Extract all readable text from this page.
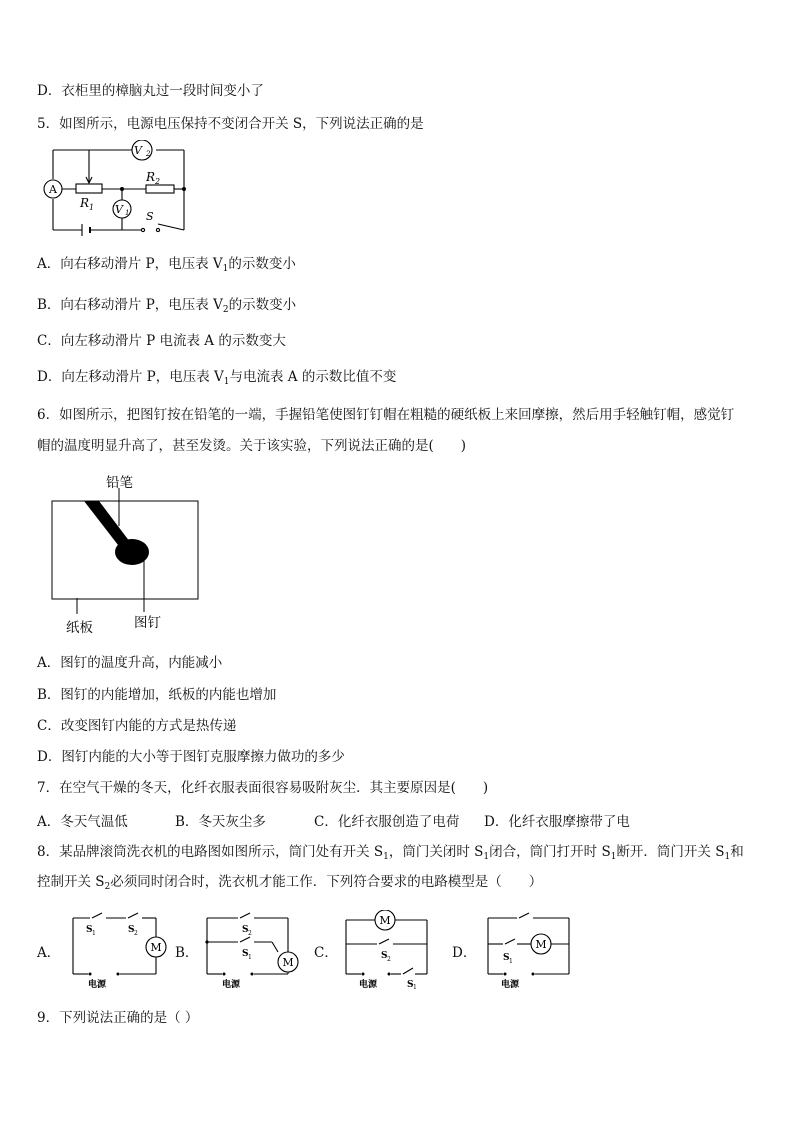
D．衣柜里的樟脑丸过一段时间变小了
5．如图所示，电源电压保持不变闭合开关 S，下列说法正确的是
A
V 2
V 1
R 1
R 2
S
A．向右移动滑片 P，电压表 $V_1$的示数变小
B．向右移动滑片 P，电压表 $V_2$的示数变小
C．向左移动滑片 P 电流表 A 的示数变大
D．向左移动滑片 P，电压表 $V_1$与电流表 A 的示数比值不变
6．如图所示，把图钉按在铅笔的一端，手握铅笔使图钉钉帽在粗糙的硬纸板上来回摩擦，然后用手轻触钉帽，感觉钉
帽的温度明显升高了，甚至发烫。关于该实验，下列说法正确的是(　　)
铅笔
纸板	图钉
A．图钉的温度升高，内能减小
B．图钉的内能增加，纸板的内能也增加
C．改变图钉内能的方式是热传递
D．图钉内能的大小等于图钉克服摩擦力做功的多少
7．在空气干燥的冬天，化纤衣服表面很容易吸附灰尘．其主要原因是(　　)
A．冬天气温低	B．冬天灰尘多	C．化纤衣服创造了电荷 D．化纤衣服摩擦带了电
8．某品牌滚筒洗衣机的电路图如图所示，筒门处有开关 $S_1$，筒门关闭时 $S_1$闭合，筒门打开时 $S_1$断开．筒门开关 $S_1$和
控制开关 $S_2$必须同时闭合时，洗衣机才能工作．下列符合要求的电路模型是（　　）
A．	B．	C．	D．
M
S 1	S 2
电源
M
S 2
S 1
电源
M
S 2
电源	S 1
M
S 1
电源
9．下列说法正确的是（ ）
